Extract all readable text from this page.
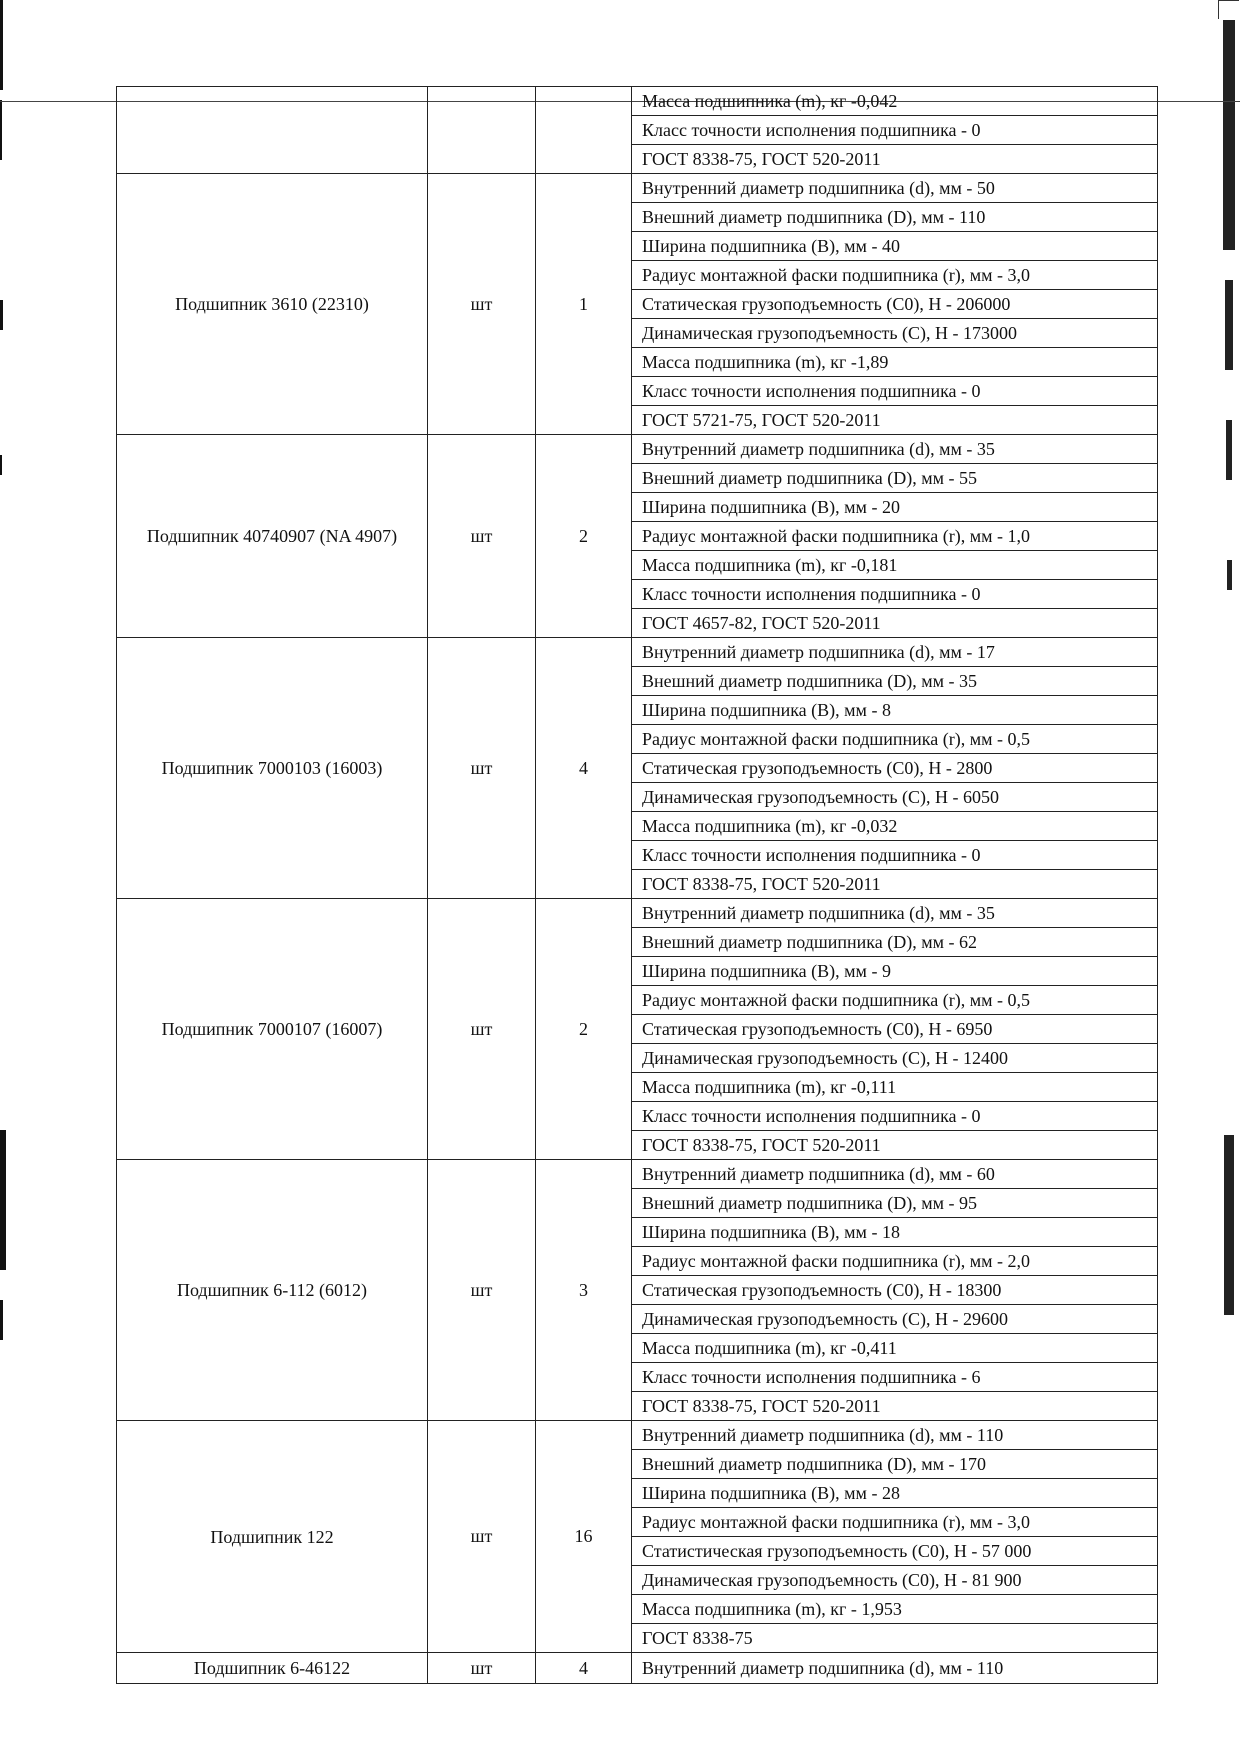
			Масса подшипника (m), кг -0,042
			Класс точности исполнения подшипника - 0
			ГОСТ 8338-75, ГОСТ 520-2011
Подшипник 3610 (22310)	шт	1	Внутренний диаметр подшипника (d), мм - 50
			Внешний диаметр подшипника (D), мм - 110
			Ширина подшипника (B), мм - 40
			Радиус монтажной фаски подшипника (r), мм - 3,0
			Статическая грузоподъемность (C0), Н - 206000
			Динамическая грузоподъемность (C), Н - 173000
			Масса подшипника (m), кг -1,89
			Класс точности исполнения подшипника - 0
			ГОСТ 5721-75, ГОСТ 520-2011
Подшипник 40740907 (NA 4907)	шт	2	Внутренний диаметр подшипника (d), мм - 35
			Внешний диаметр подшипника (D), мм - 55
			Ширина подшипника (B), мм - 20
			Радиус монтажной фаски подшипника (r), мм - 1,0
			Масса подшипника (m), кг -0,181
			Класс точности исполнения подшипника - 0
			ГОСТ 4657-82, ГОСТ 520-2011
Подшипник 7000103 (16003)	шт	4	Внутренний диаметр подшипника (d), мм - 17
			Внешний диаметр подшипника (D), мм - 35
			Ширина подшипника (B), мм - 8
			Радиус монтажной фаски подшипника (r), мм - 0,5
			Статическая грузоподъемность (C0), Н - 2800
			Динамическая грузоподъемность (C), Н - 6050
			Масса подшипника (m), кг -0,032
			Класс точности исполнения подшипника - 0
			ГОСТ 8338-75, ГОСТ 520-2011
Подшипник 7000107 (16007)	шт	2	Внутренний диаметр подшипника (d), мм - 35
			Внешний диаметр подшипника (D), мм - 62
			Ширина подшипника (B), мм - 9
			Радиус монтажной фаски подшипника (r), мм - 0,5
			Статическая грузоподъемность (C0), Н - 6950
			Динамическая грузоподъемность (C), Н - 12400
			Масса подшипника (m), кг -0,111
			Класс точности исполнения подшипника - 0
			ГОСТ 8338-75, ГОСТ 520-2011
Подшипник 6-112 (6012)	шт	3	Внутренний диаметр подшипника (d), мм - 60
			Внешний диаметр подшипника (D), мм - 95
			Ширина подшипника (B), мм - 18
			Радиус монтажной фаски подшипника (r), мм - 2,0
			Статическая грузоподъемность (C0), Н - 18300
			Динамическая грузоподъемность (C), Н - 29600
			Масса подшипника (m), кг -0,411
			Класс точности исполнения подшипника - 6
			ГОСТ 8338-75, ГОСТ 520-2011
Подшипник 122	шт	16	Внутренний диаметр подшипника (d), мм - 110
			Внешний диаметр подшипника (D), мм - 170
			Ширина подшипника (B), мм - 28
			Радиус монтажной фаски подшипника (r), мм - 3,0
			Статистическая грузоподъемность (C0), Н - 57 000
			Динамическая грузоподъемность (C0), Н - 81 900
			Масса подшипника (m), кг - 1,953
			ГОСТ 8338-75
Подшипник 6-46122	шт	4	Внутренний диаметр подшипника (d), мм - 110
